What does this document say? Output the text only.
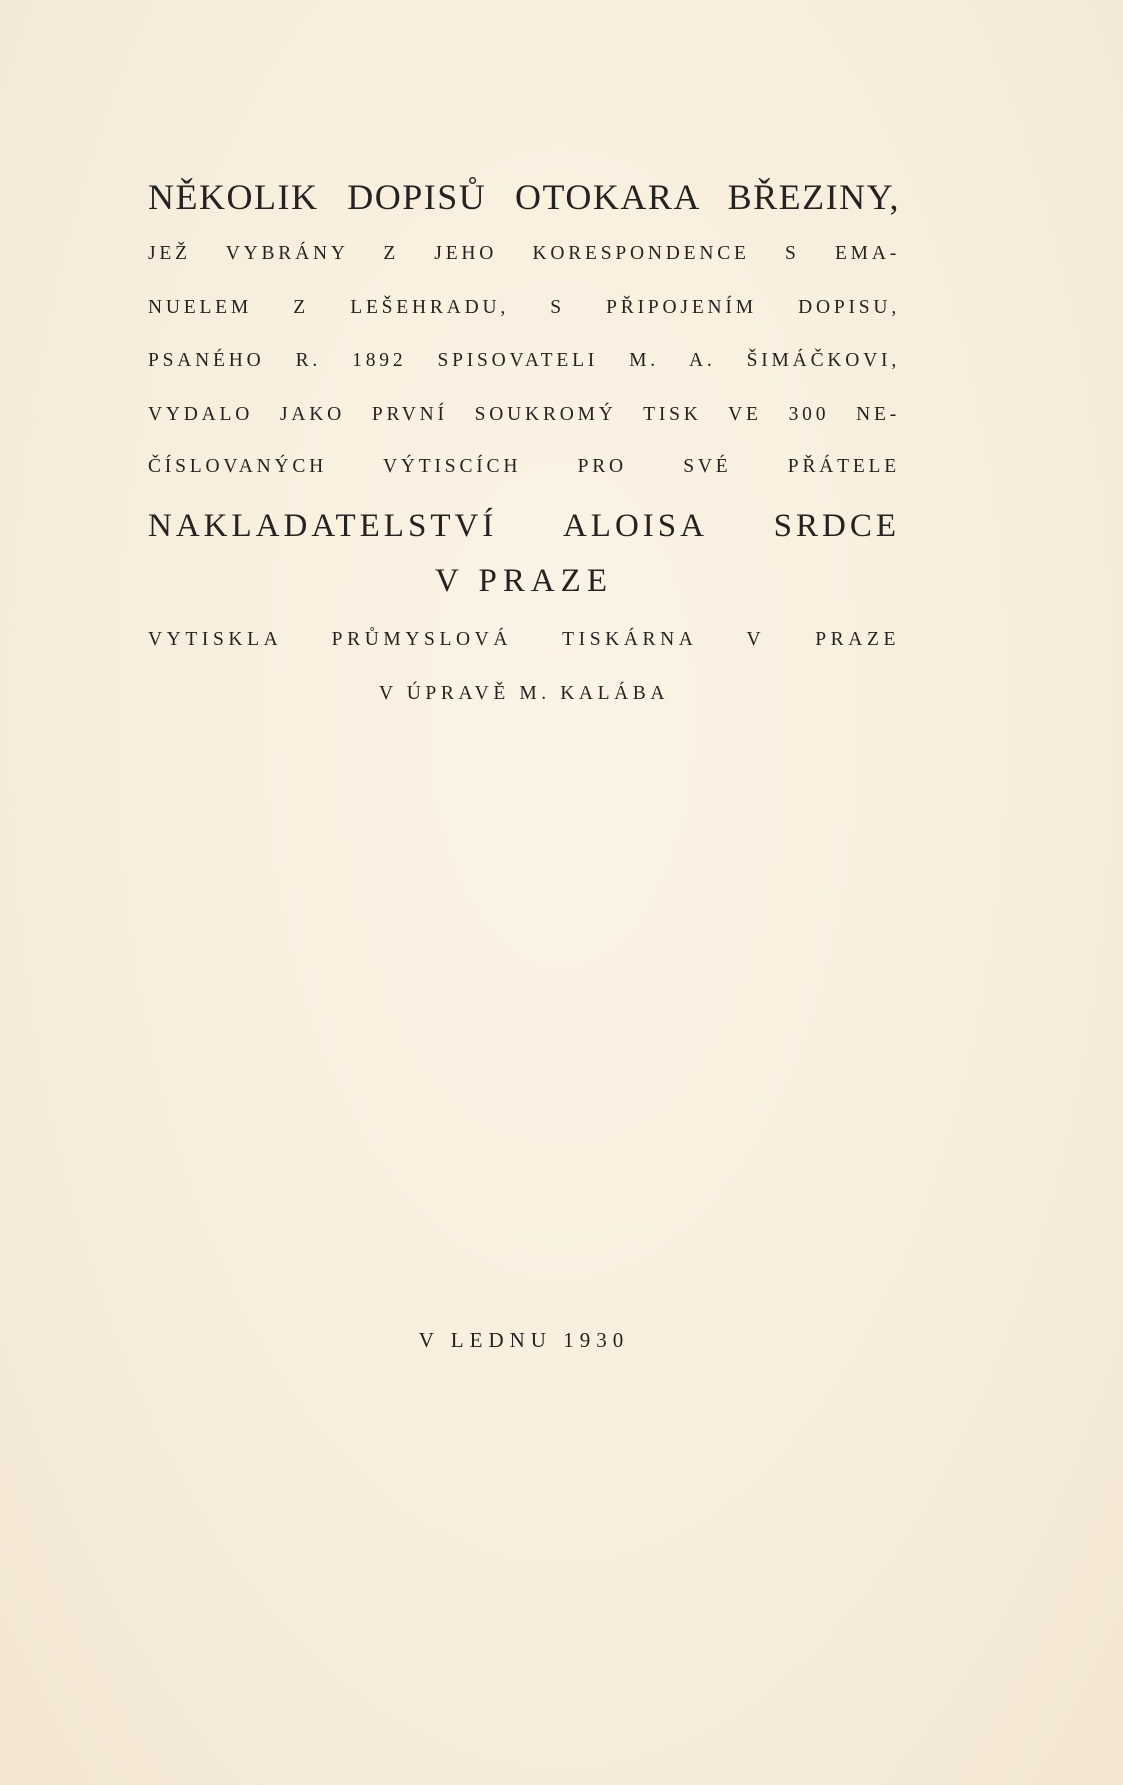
NĚKOLIK DOPISŮ OTOKARA BŘEZINY,
JEŽ VYBRÁNY Z JEHO KORESPONDENCE S EMA-
NUELEM Z LEŠEHRADU, S PŘIPOJENÍM DOPISU,
PSANÉHO R. 1892 SPISOVATELI M. A. ŠIMÁČKOVI,
VYDALO JAKO PRVNÍ SOUKROMÝ TISK VE 300 NE-
ČÍSLOVANÝCH VÝTISCÍCH PRO SVÉ PŘÁTELE
NAKLADATELSTVÍ ALOISA SRDCE
V PRAZE
VYTISKLA PRŮMYSLOVÁ TISKÁRNA V PRAZE
V ÚPRAVĚ M. KALÁBA
V LEDNU 1930
